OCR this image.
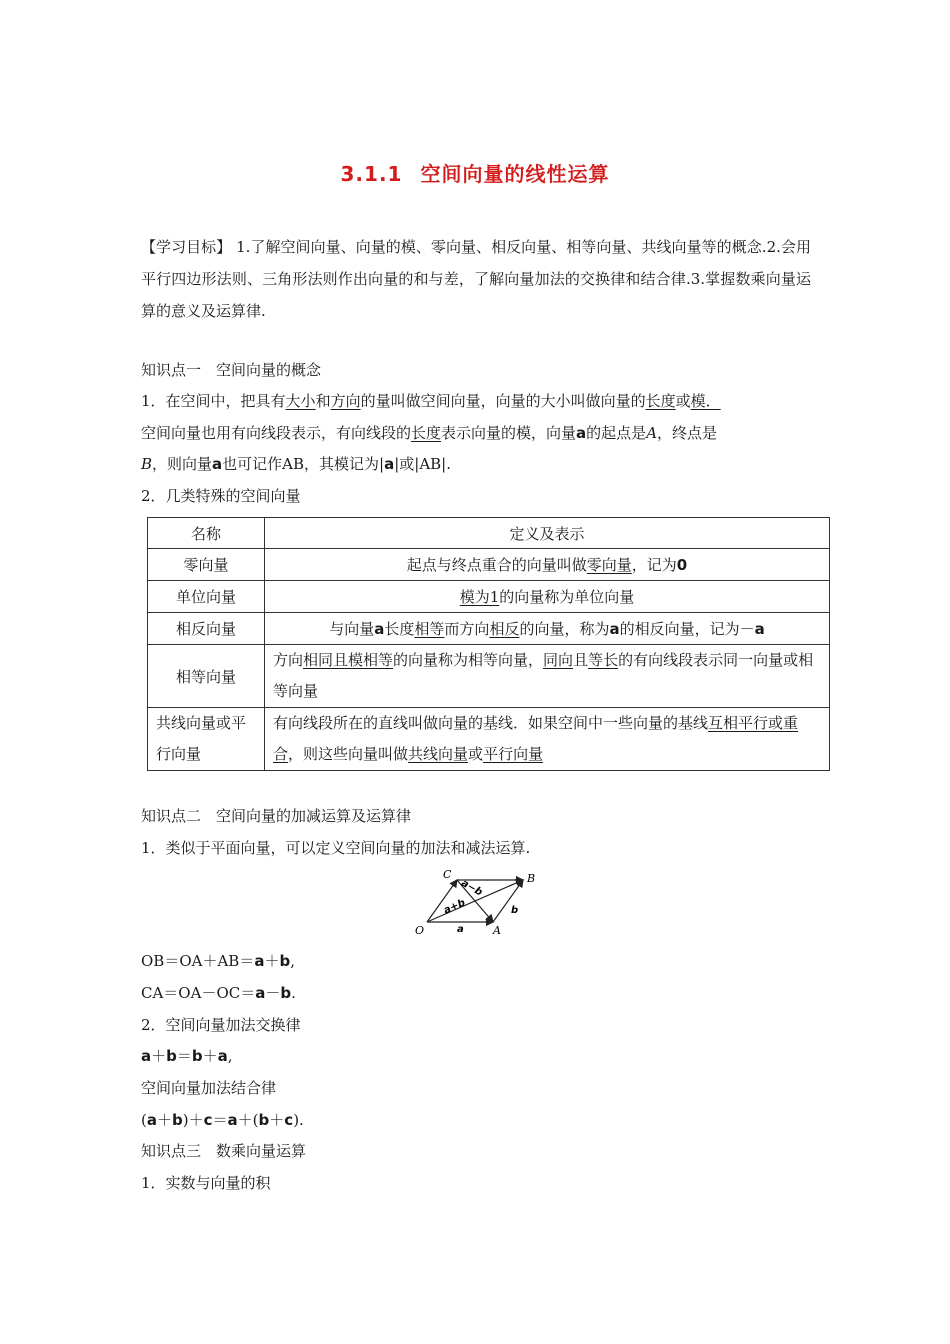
3.1.1 空间向量的线性运算
【学习目标】 1.了解空间向量、向量的模、零向量、相反向量、相等向量、共线向量等的概念.2.会用平行四边形法则、三角形法则作出向量的和与差，了解向量加法的交换律和结合律.3.掌握数乘向量运算的意义及运算律.
知识点一　空间向量的概念
1．在空间中，把具有大小和方向的量叫做空间向量，向量的大小叫做向量的长度或模．
空间向量也用有向线段表示，有向线段的长度表示向量的模，向量a的起点是A，终点是
B，则向量a也可记作AB，其模记为|a|或|AB|.
2．几类特殊的空间向量
名称	定义及表示
零向量	起点与终点重合的向量叫做零向量，记为0
单位向量	模为1的向量称为单位向量
相反向量	与向量a长度相等而方向相反的向量，称为a的相反向量，记为－a
相等向量	方向相同且模相等的向量称为相等向量，同向且等长的有向线段表示同一向量或相等向量
共线向量或平行向量	有向线段所在的直线叫做向量的基线．如果空间中一些向量的基线互相平行或重合，则这些向量叫做共线向量或平行向量
知识点二　空间向量的加减运算及运算律
1．类似于平面向量，可以定义空间向量的加法和减法运算.
O	A
B
C
a
b
a+b
a−b
OB＝OA＋AB＝a＋b,
CA＝OA－OC＝a－b.
2．空间向量加法交换律
a＋b＝b＋a,
空间向量加法结合律
(a＋b)＋c＝a＋(b＋c).
知识点三　数乘向量运算
1．实数与向量的积
